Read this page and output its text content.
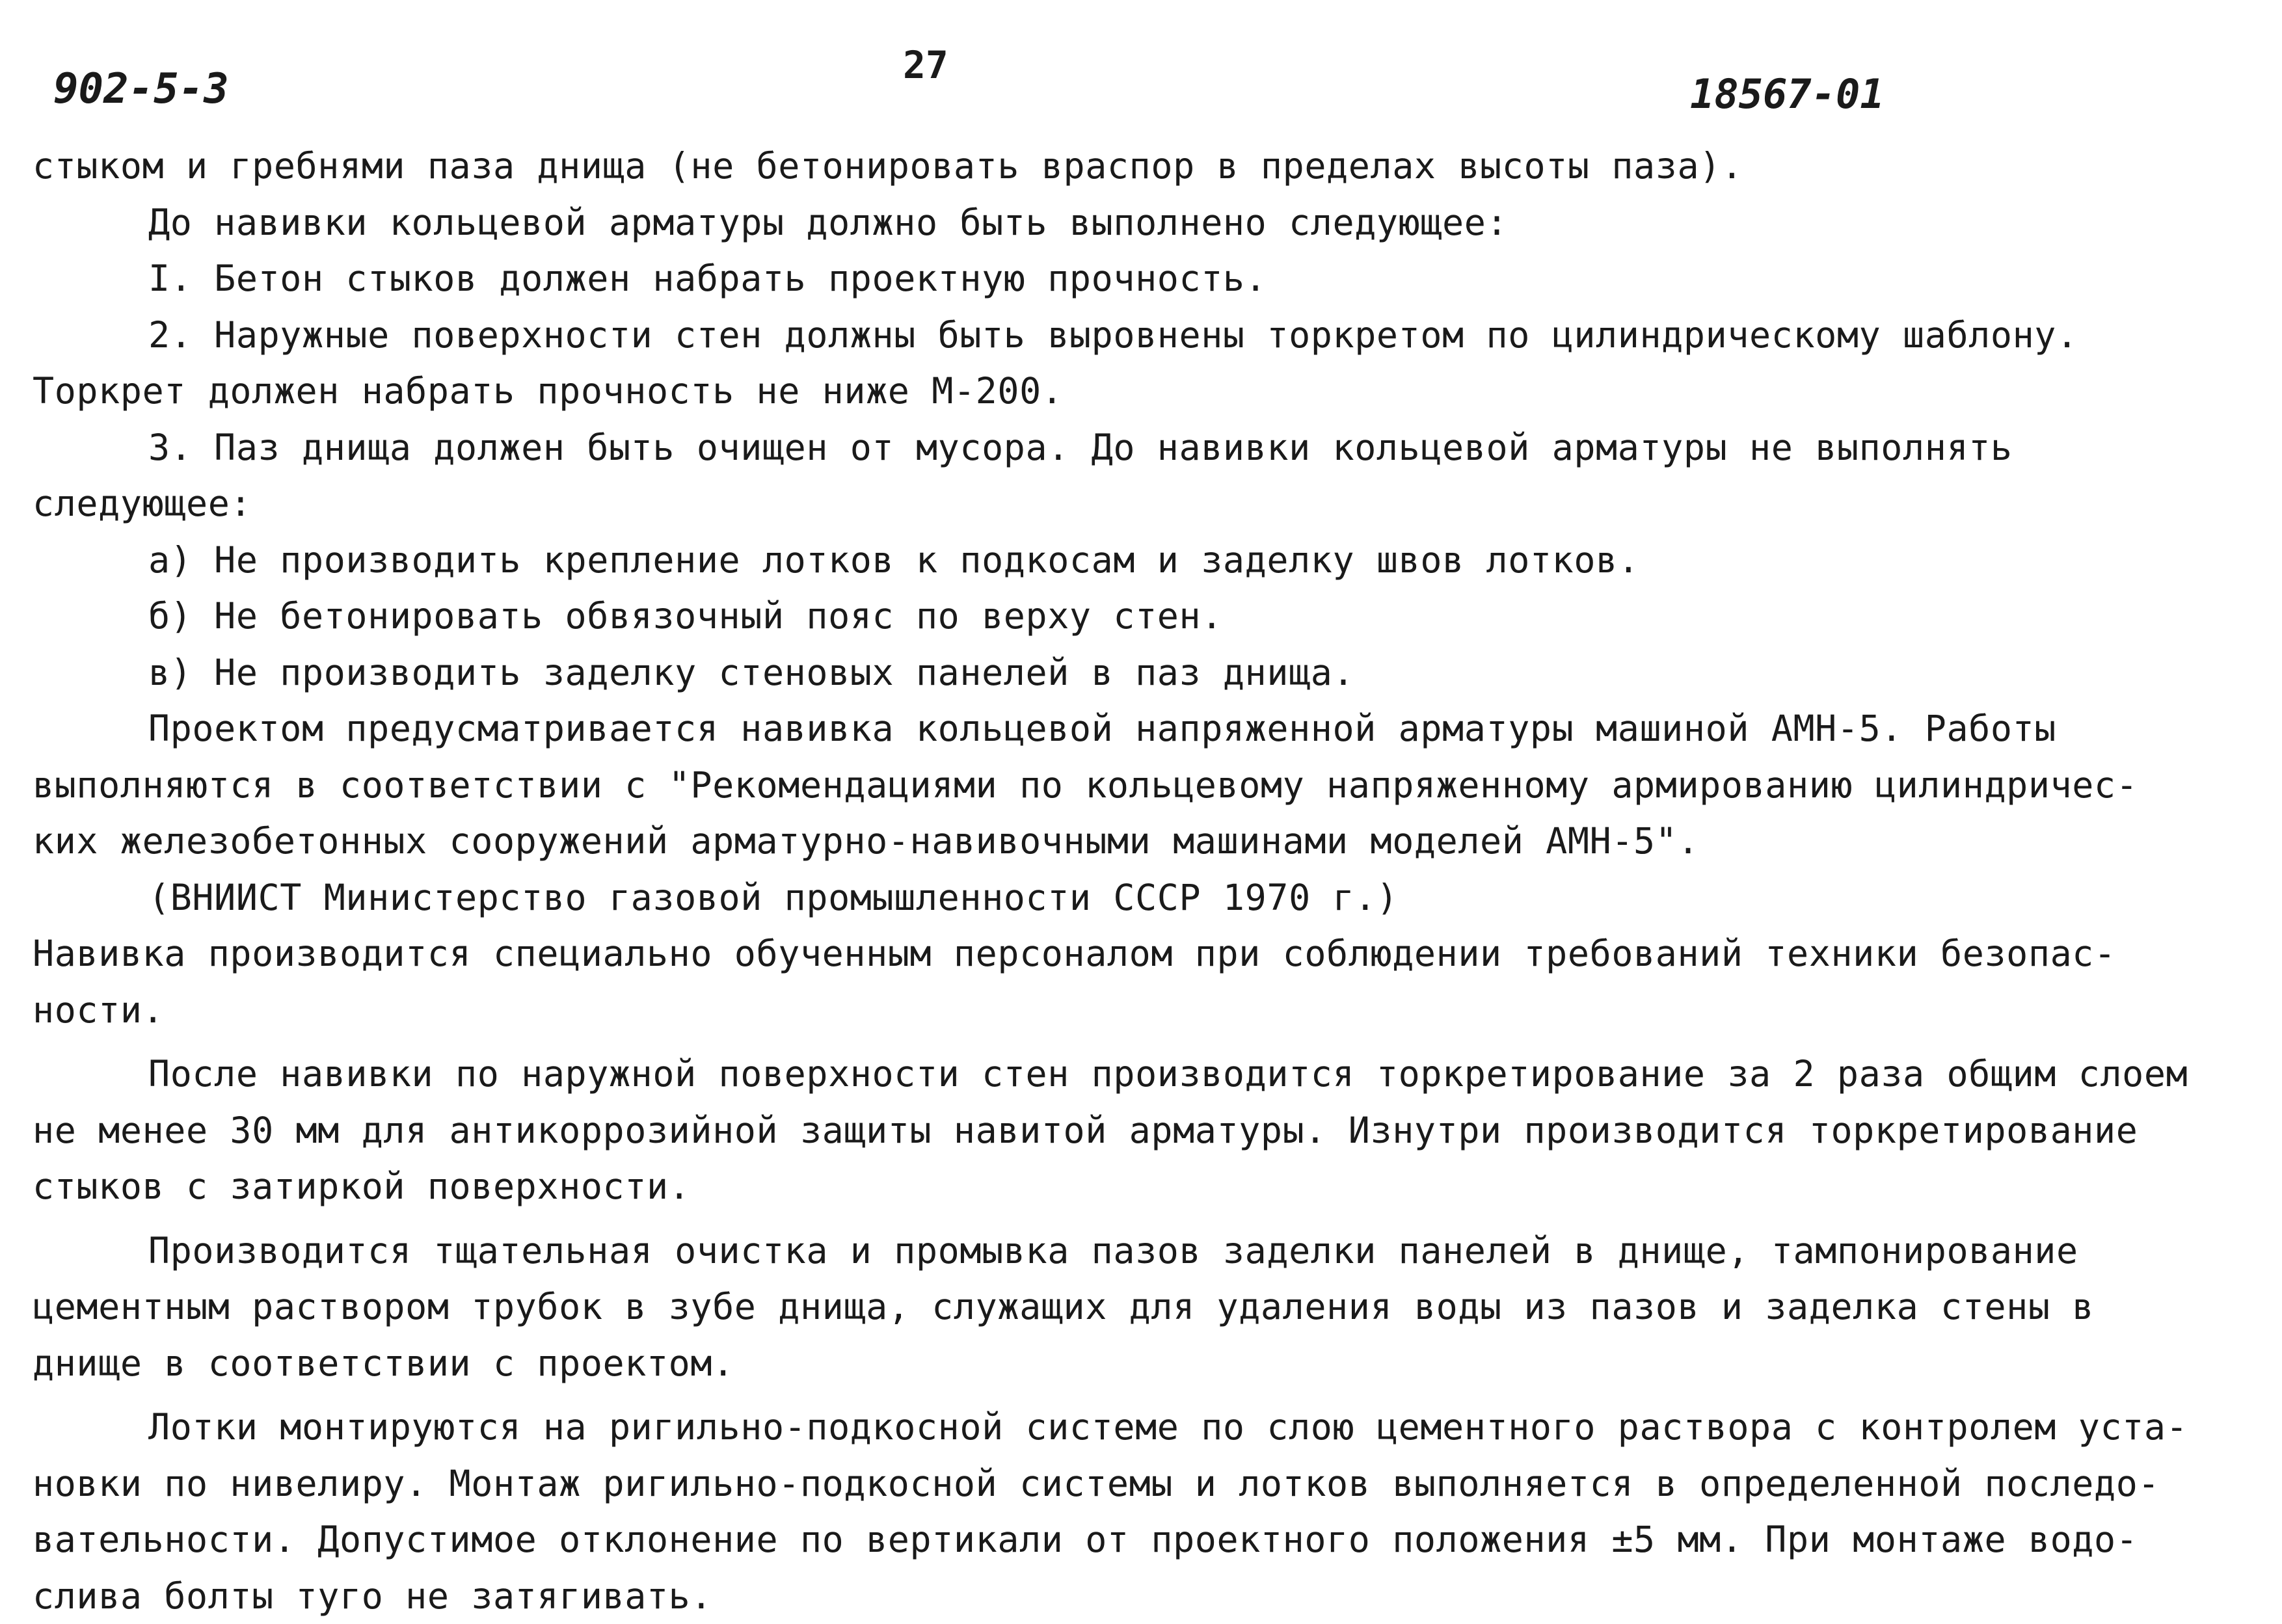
902-5-3	27
18567-01
стыком и гребнями паза днища (не бетонировать враспор в пределах высоты паза).
До навивки кольцевой арматуры должно быть выполнено следующее:
I. Бетон стыков должен набрать проектную прочность.
2. Наружные поверхности стен должны быть выровнены торкретом по цилиндрическому шаблону.
Торкрет должен набрать прочность не ниже М-200.
3. Паз днища должен быть очищен от мусора. До навивки кольцевой арматуры не выполнять
следующее:
а) Не производить крепление лотков к подкосам и заделку швов лотков.
б) Не бетонировать обвязочный пояс по верху стен.
в) Не производить заделку стеновых панелей в паз днища.
Проектом предусматривается навивка кольцевой напряженной арматуры машиной АМН-5. Работы
выполняются в соответствии с "Рекомендациями по кольцевому напряженному армированию цилиндричес-
ких железобетонных сооружений арматурно-навивочными машинами моделей АМН-5".
(ВНИИСТ Министерство газовой промышленности СССР 1970 г.)
Навивка производится специально обученным персоналом при соблюдении требований техники безопас-
ности.
После навивки по наружной поверхности стен производится торкретирование за 2 раза общим слоем
не менее 30 мм для антикоррозийной защиты навитой арматуры. Изнутри производится торкретирование
стыков с затиркой поверхности.
Производится тщательная очистка и промывка пазов заделки панелей в днище, тампонирование
цементным раствором трубок в зубе днища, служащих для удаления воды из пазов и заделка стены в
днище в соответствии с проектом.
Лотки монтируются на ригильно-подкосной системе по слою цементного раствора с контролем уста-
новки по нивелиру. Монтаж ригильно-подкосной системы и лотков выполняется в определенной последо-
вательности. Допустимое отклонение по вертикали от проектного положения ±5 мм. При монтаже водо-
слива болты туго не затягивать.
